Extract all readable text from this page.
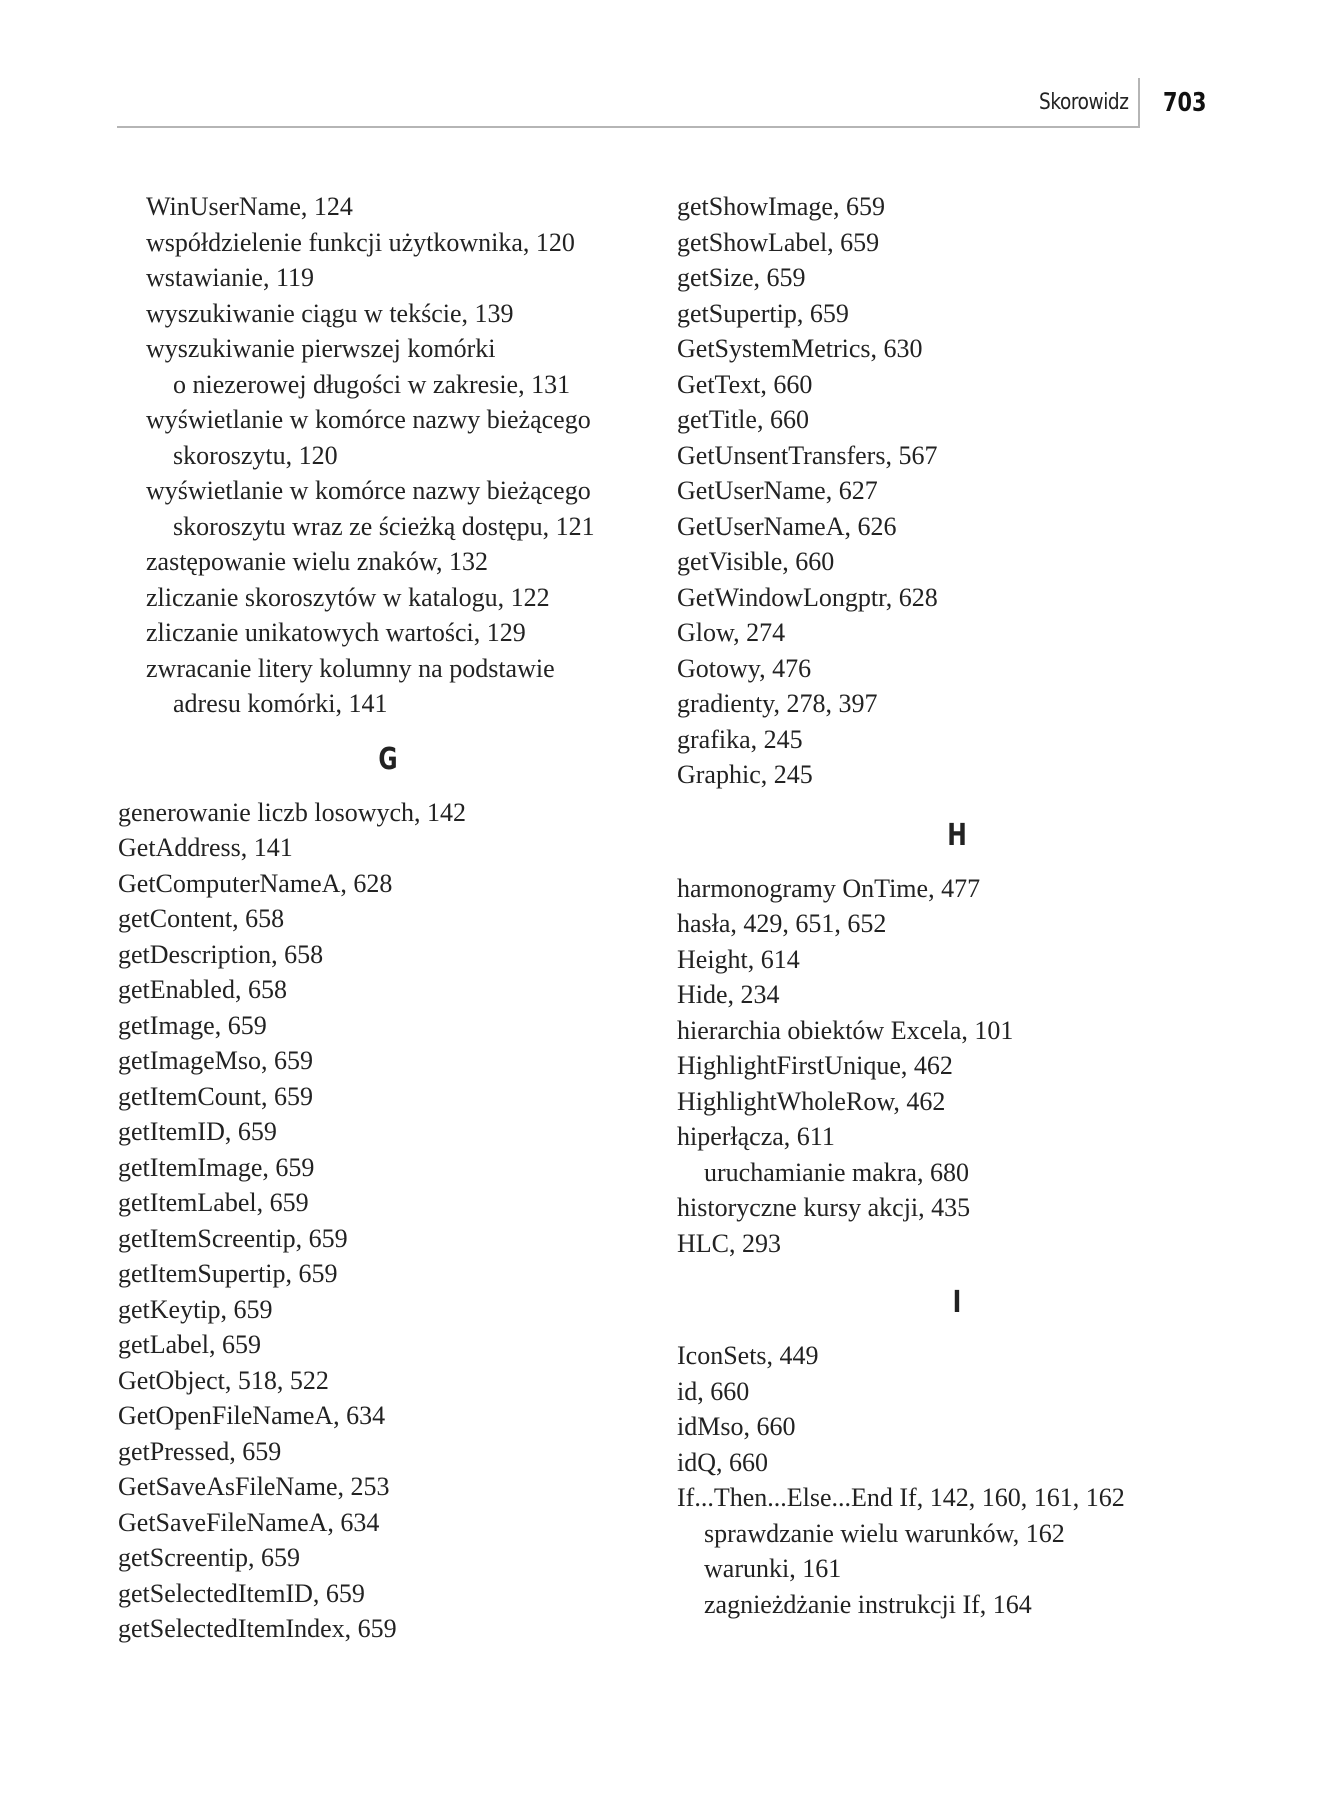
Skorowidz 703
WinUserName, 124
współdzielenie funkcji użytkownika, 120
wstawianie, 119
wyszukiwanie ciągu w tekście, 139
wyszukiwanie pierwszej komórki
o niezerowej długości w zakresie, 131
wyświetlanie w komórce nazwy bieżącego
skoroszytu, 120
wyświetlanie w komórce nazwy bieżącego
skoroszytu wraz ze ścieżką dostępu, 121
zastępowanie wielu znaków, 132
zliczanie skoroszytów w katalogu, 122
zliczanie unikatowych wartości, 129
zwracanie litery kolumny na podstawie
adresu komórki, 141
G
generowanie liczb losowych, 142
GetAddress, 141
GetComputerNameA, 628
getContent, 658
getDescription, 658
getEnabled, 658
getImage, 659
getImageMso, 659
getItemCount, 659
getItemID, 659
getItemImage, 659
getItemLabel, 659
getItemScreentip, 659
getItemSupertip, 659
getKeytip, 659
getLabel, 659
GetObject, 518, 522
GetOpenFileNameA, 634
getPressed, 659
GetSaveAsFileName, 253
GetSaveFileNameA, 634
getScreentip, 659
getSelectedItemID, 659
getSelectedItemIndex, 659
getShowImage, 659
getShowLabel, 659
getSize, 659
getSupertip, 659
GetSystemMetrics, 630
GetText, 660
getTitle, 660
GetUnsentTransfers, 567
GetUserName, 627
GetUserNameA, 626
getVisible, 660
GetWindowLongptr, 628
Glow, 274
Gotowy, 476
gradienty, 278, 397
grafika, 245
Graphic, 245
H
harmonogramy OnTime, 477
hasła, 429, 651, 652
Height, 614
Hide, 234
hierarchia obiektów Excela, 101
HighlightFirstUnique, 462
HighlightWholeRow, 462
hiperłącza, 611
uruchamianie makra, 680
historyczne kursy akcji, 435
HLC, 293
I
IconSets, 449
id, 660
idMso, 660
idQ, 660
If...Then...Else...End If, 142, 160, 161, 162
sprawdzanie wielu warunków, 162
warunki, 161
zagnieżdżanie instrukcji If, 164
